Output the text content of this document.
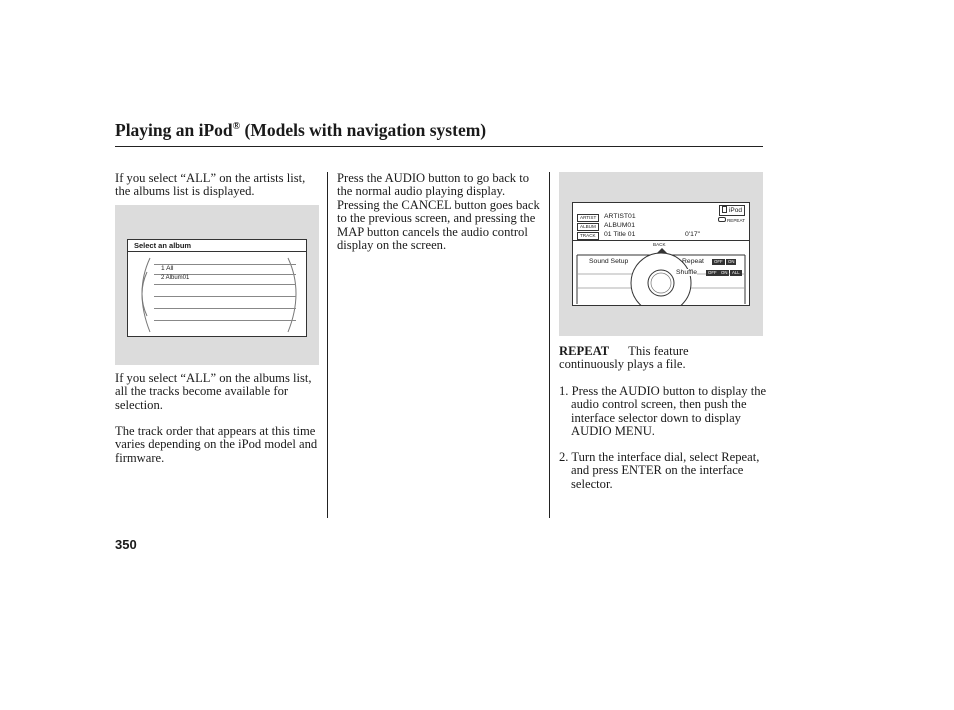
Playing an iPod® (Models with navigation system)

If you select “ALL” on the artists list, the albums list is displayed.

Select an album
1 All
2 Album01

If you select “ALL” on the albums list, all the tracks become available for selection.

The track order that appears at this time varies depending on the iPod model and firmware.

Press the AUDIO button to go back to the normal audio playing display. Pressing the CANCEL button goes back to the previous screen, and pressing the MAP button cancels the audio control display on the screen.

ARTIST	ARTIST01
ALBUM	ALBUM01
TRACK	01 Title 01	0'17"
iPod
REPEAT
BACK
Sound Setup	Repeat	OFF	ON
Shuffle	OFF	ON	ALL

REPEAT This feature

continuously plays a file.

1. Press the AUDIO button to display the audio control screen, then push the interface selector down to display AUDIO MENU.

2. Turn the interface dial, select Repeat, and press ENTER on the interface selector.

350
